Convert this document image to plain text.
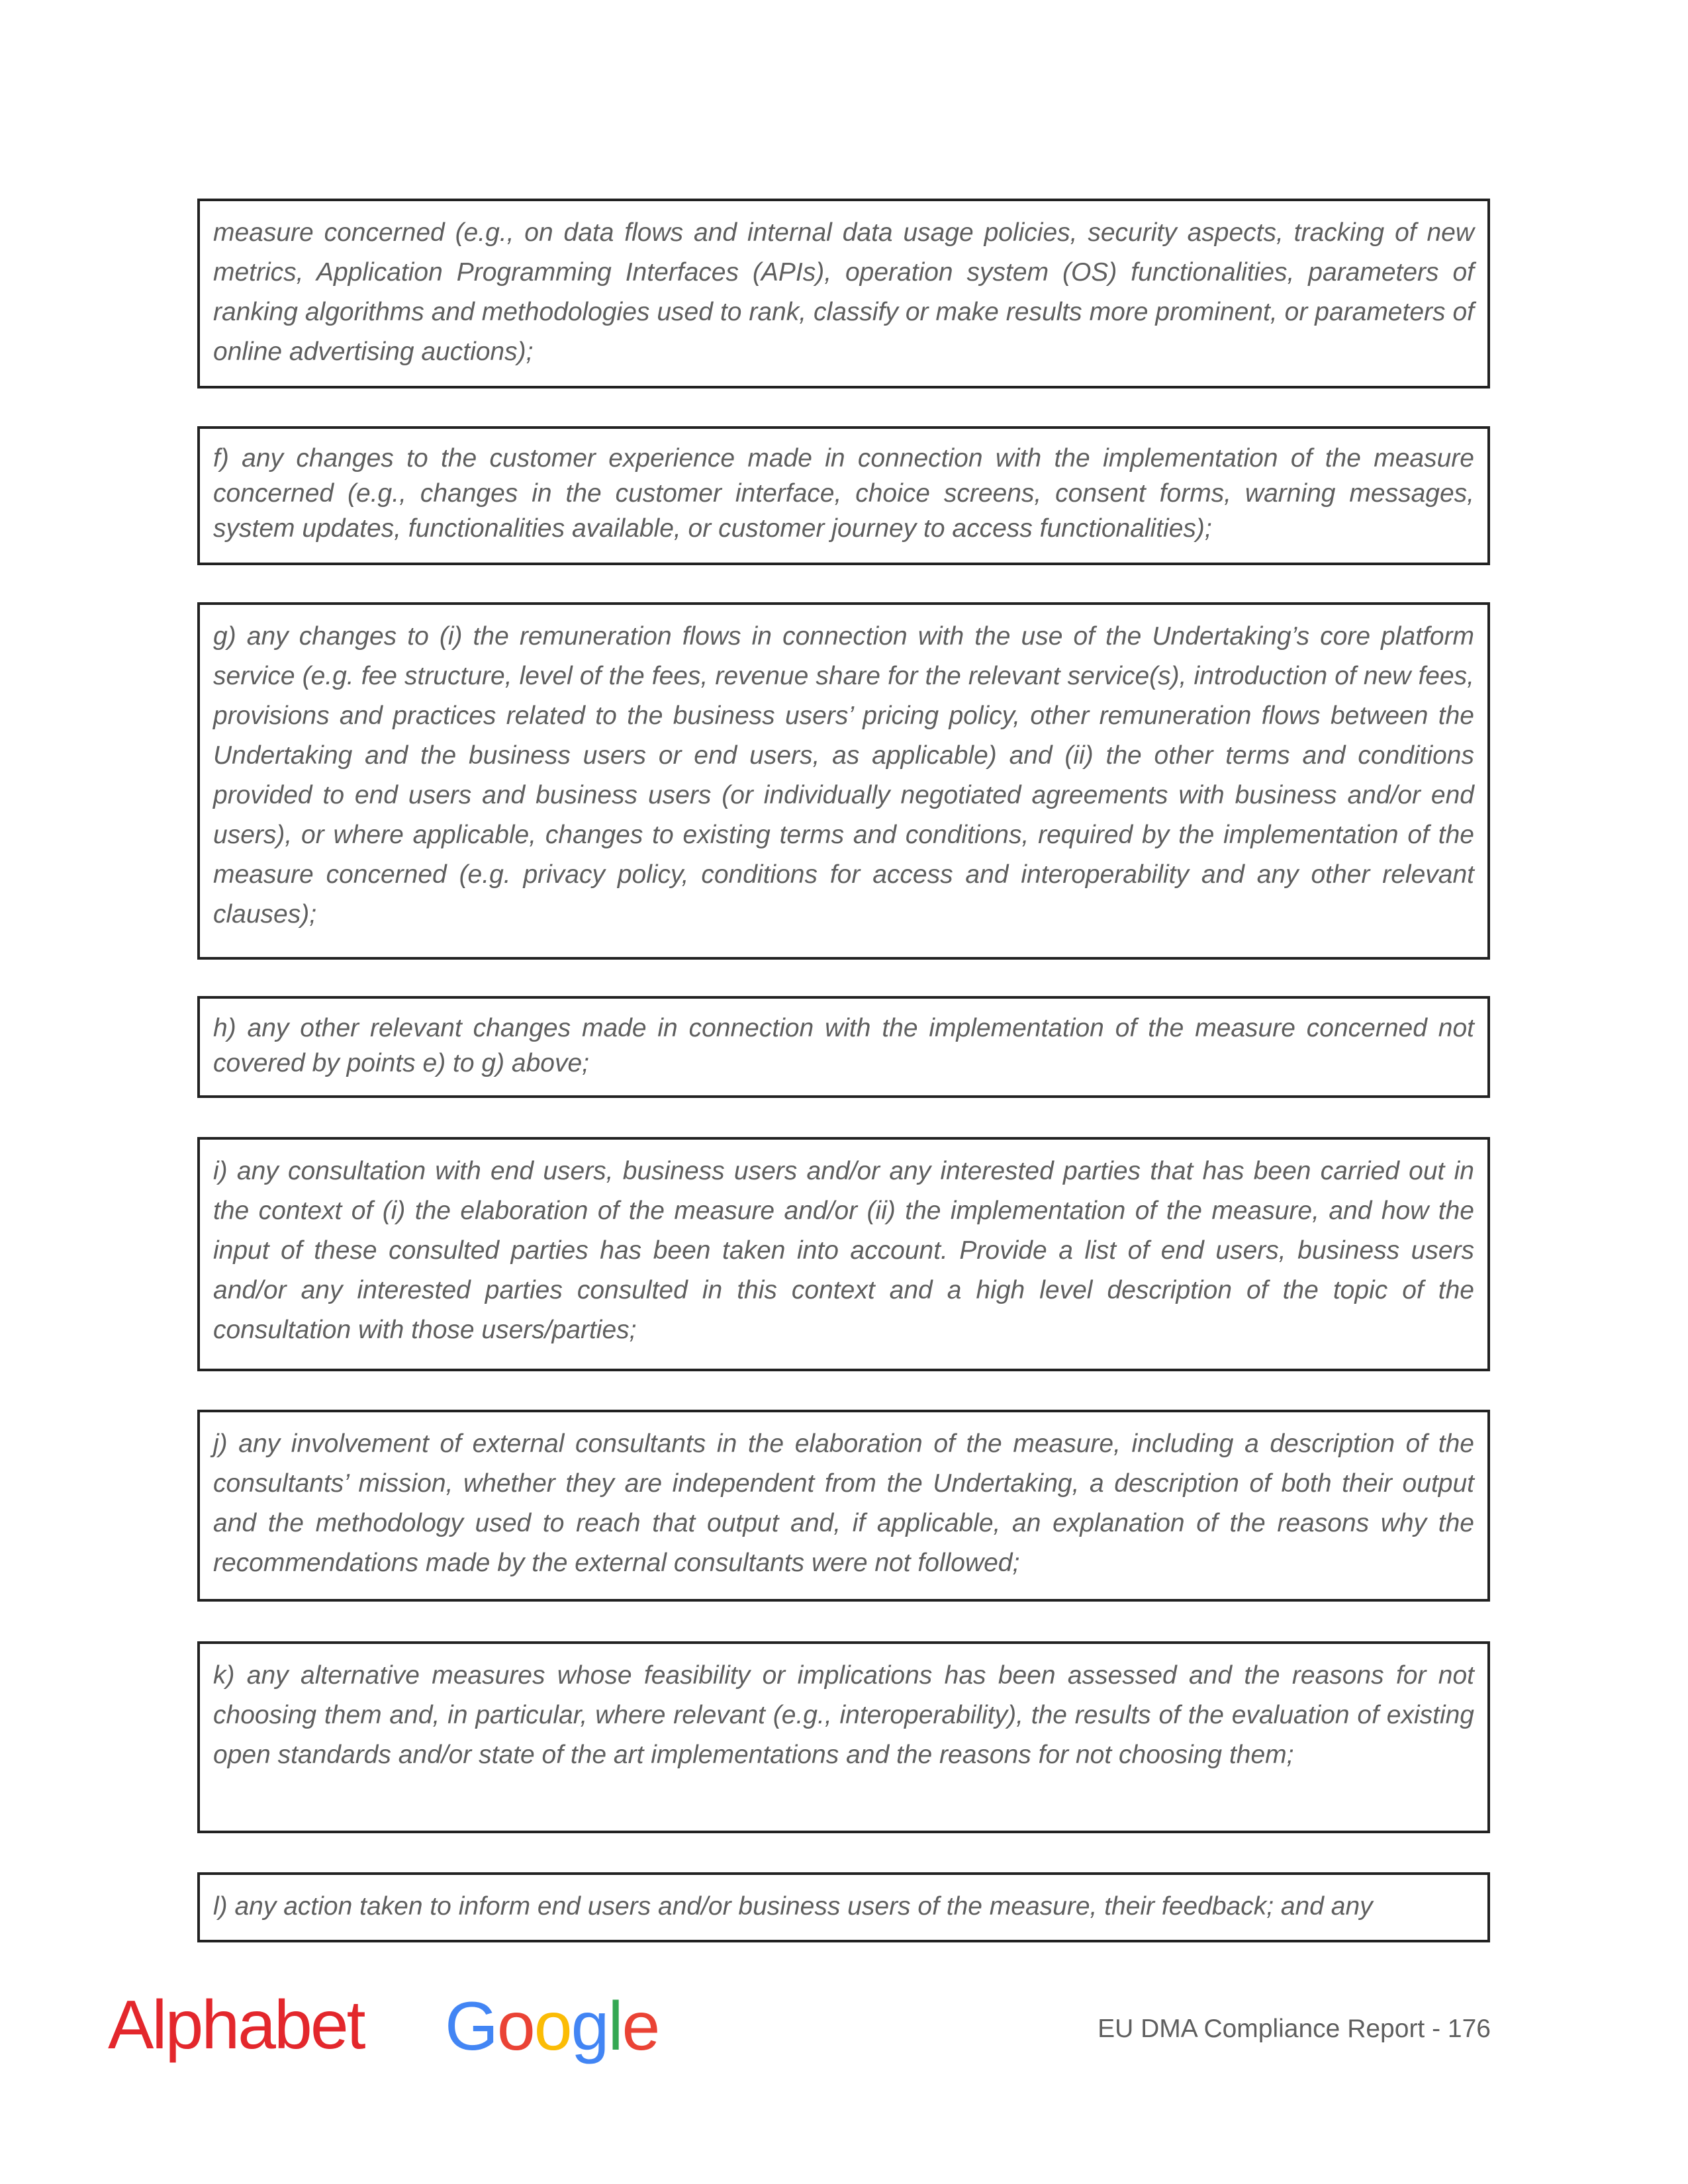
measure concerned (e.g., on data flows and internal data usage policies, security aspects, tracking of new metrics, Application Programming Interfaces (APIs), operation system (OS) functionalities, parameters of ranking algorithms and methodologies used to rank, classify or make results more prominent, or parameters of online advertising auctions);

f) any changes to the customer experience made in connection with the implementation of the measure concerned (e.g., changes in the customer interface, choice screens, consent forms, warning messages, system updates, functionalities available, or customer journey to access functionalities);

g) any changes to (i) the remuneration flows in connection with the use of the Undertaking’s core platform service (e.g. fee structure, level of the fees, revenue share for the relevant service(s), introduction of new fees, provisions and practices related to the business users’ pricing policy, other remuneration flows between the Undertaking and the business users or end users, as applicable) and (ii) the other terms and conditions provided to end users and business users (or individually negotiated agreements with business and/or end users), or where applicable, changes to existing terms and conditions, required by the implementation of the measure concerned (e.g. privacy policy, conditions for access and interoperability and any other relevant clauses);

h) any other relevant changes made in connection with the implementation of the measure concerned not covered by points e) to g) above;

i) any consultation with end users, business users and/or any interested parties that has been carried out in the context of (i) the elaboration of the measure and/or (ii) the implementation of the measure, and how the input of these consulted parties has been taken into account. Provide a list of end users, business users and/or any interested parties consulted in this context and a high level description of the topic of the consultation with those users/parties;

j) any involvement of external consultants in the elaboration of the measure, including a description of the consultants’ mission, whether they are independent from the Undertaking, a description of both their output and the methodology used to reach that output and, if applicable, an explanation of the reasons why the recommendations made by the external consultants were not followed;

k) any alternative measures whose feasibility or implications has been assessed and the reasons for not choosing them and, in particular, where relevant (e.g., interoperability), the results of the evaluation of existing open standards and/or state of the art implementations and the reasons for not choosing them;

l) any action taken to inform end users and/or business users of the measure, their feedback; and any

Alphabet Google	EU DMA Compliance Report - 176
